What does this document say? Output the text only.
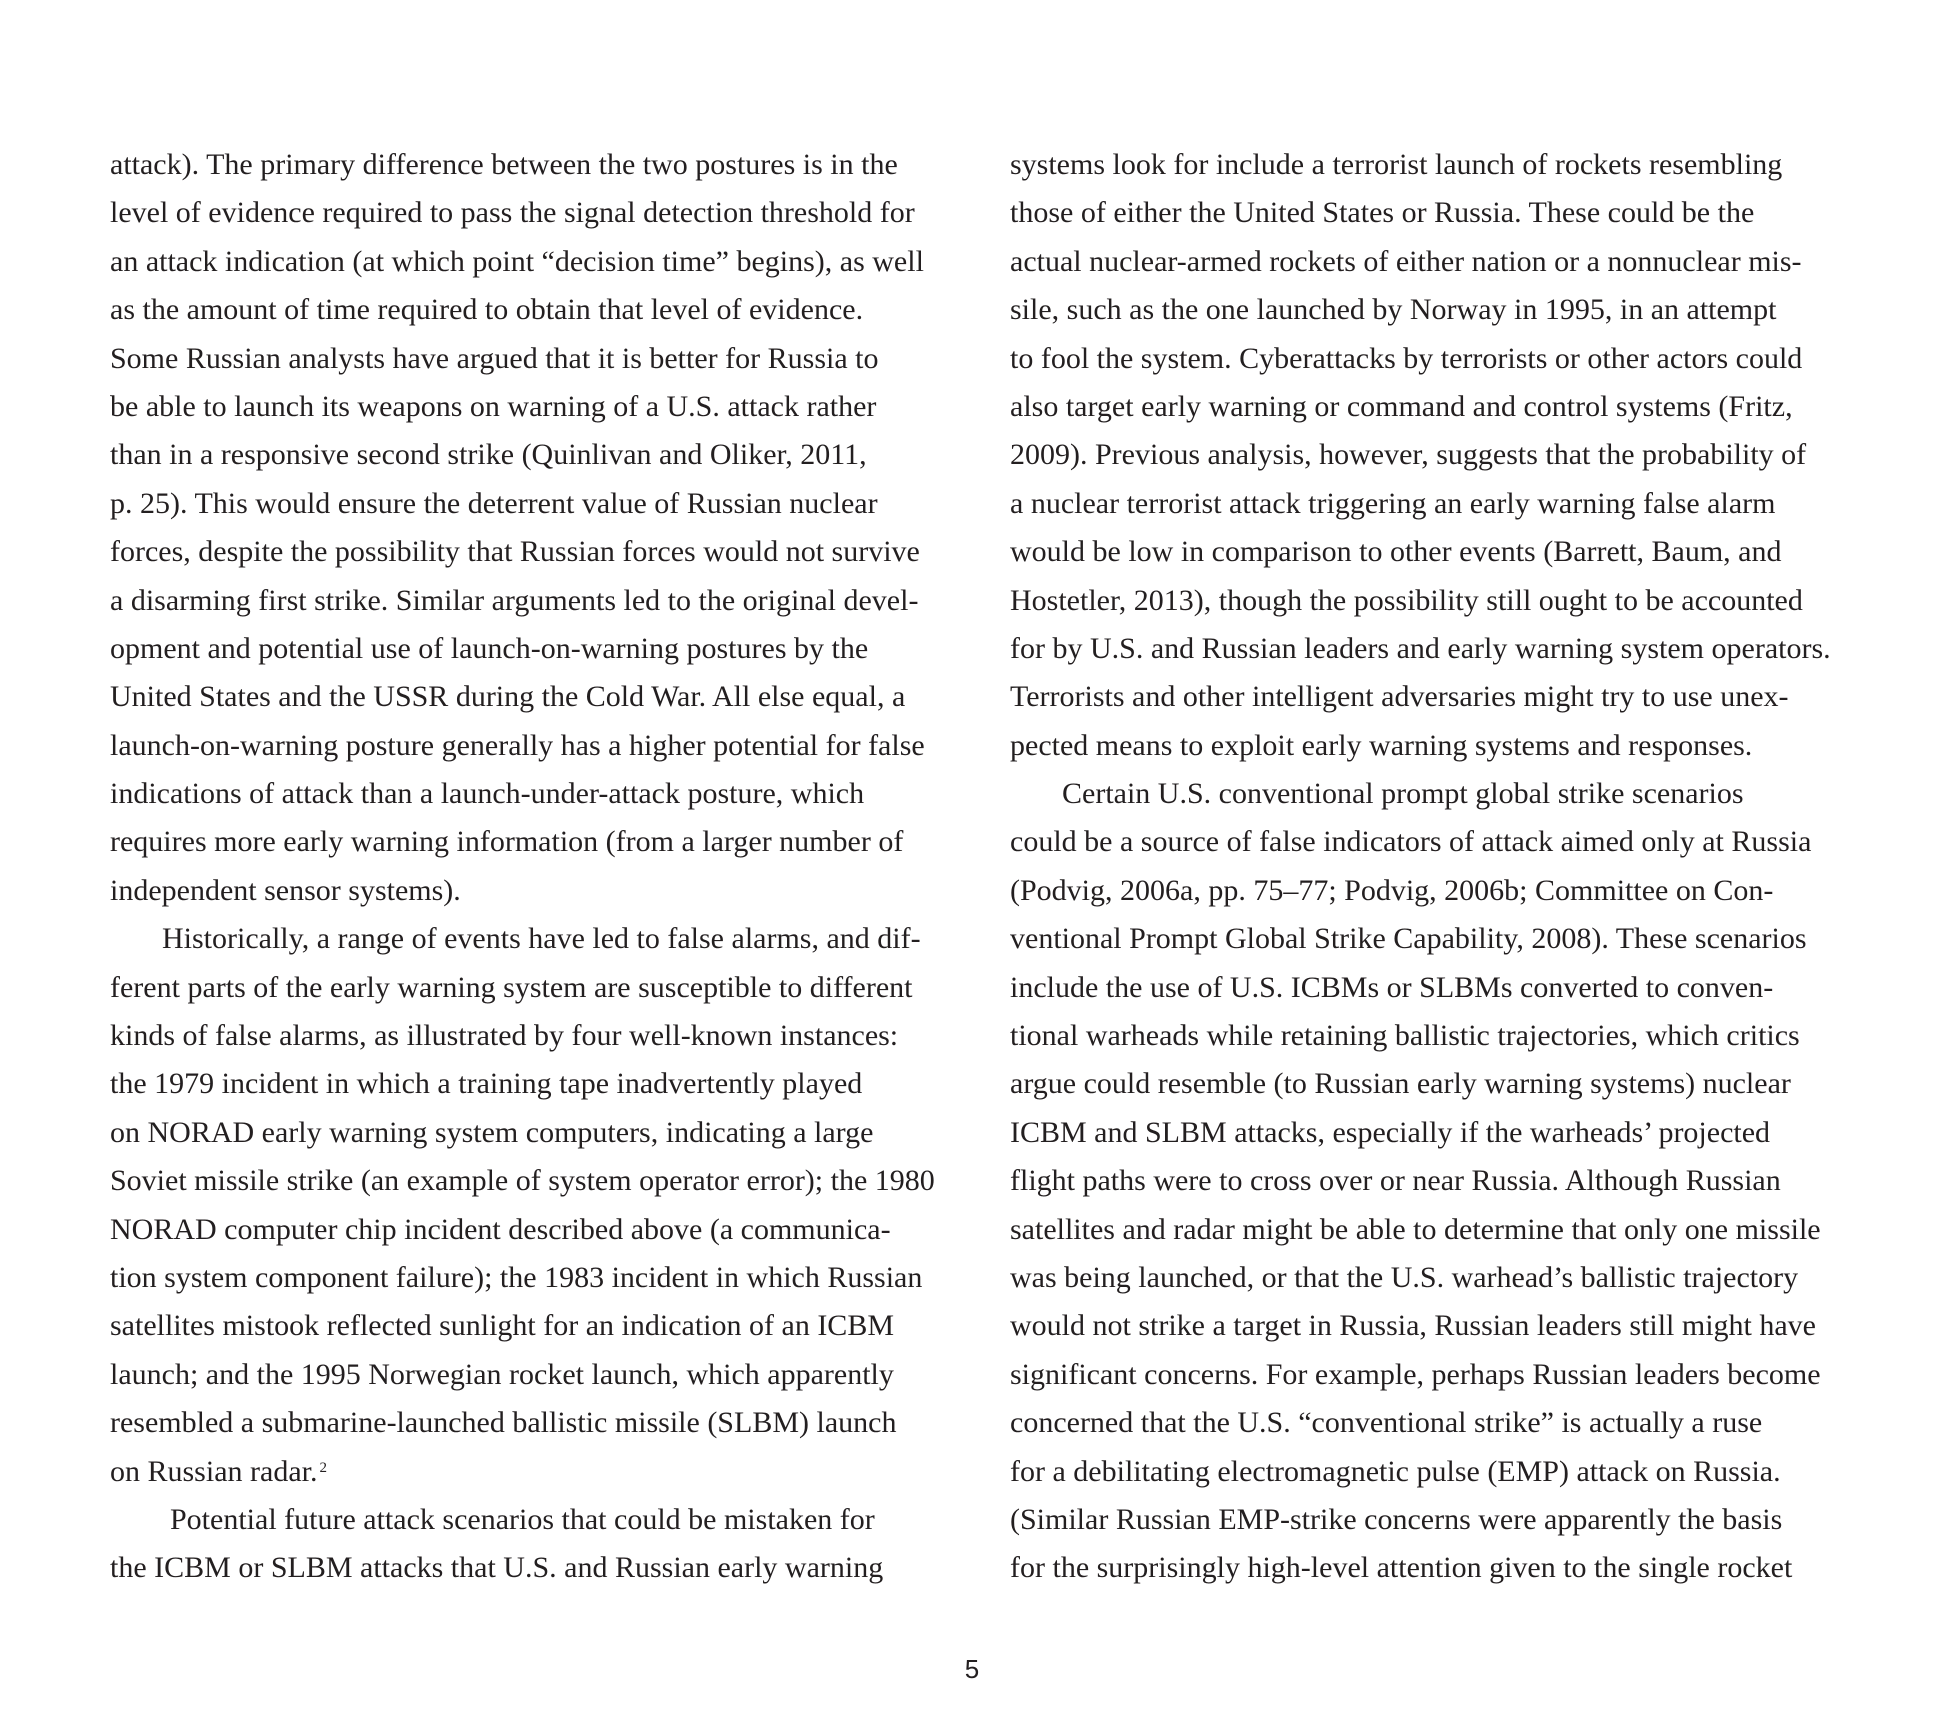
attack). The primary difference between the two postures is in the
level of evidence required to pass the signal detection threshold for
an attack indication (at which point “decision time” begins), as well
as the amount of time required to obtain that level of evidence.
Some Russian analysts have argued that it is better for Russia to
be able to launch its weapons on warning of a U.S. attack rather
than in a responsive second strike (Quinlivan and Oliker, 2011,
p. 25). This would ensure the deterrent value of Russian nuclear
forces, despite the possibility that Russian forces would not survive
a disarming first strike. Similar arguments led to the original devel-
opment and potential use of launch-on-warning postures by the
United States and the USSR during the Cold War. All else equal, a
launch-on-warning posture generally has a higher potential for false
indications of attack than a launch-under-attack posture, which
requires more early warning information (from a larger number of
independent sensor systems).
Historically, a range of events have led to false alarms, and dif-
ferent parts of the early warning system are susceptible to different
kinds of false alarms, as illustrated by four well-known instances:
the 1979 incident in which a training tape inadvertently played
on NORAD early warning system computers, indicating a large
Soviet missile strike (an example of system operator error); the 1980
NORAD computer chip incident described above (a communica-
tion system component failure); the 1983 incident in which Russian
satellites mistook reflected sunlight for an indication of an ICBM
launch; and the 1995 Norwegian rocket launch, which apparently
resembled a submarine-launched ballistic missile (SLBM) launch
on Russian radar. $^2$
Potential future attack scenarios that could be mistaken for
the ICBM or SLBM attacks that U.S. and Russian early warning
systems look for include a terrorist launch of rockets resembling
those of either the United States or Russia. These could be the
actual nuclear-armed rockets of either nation or a nonnuclear mis-
sile, such as the one launched by Norway in 1995, in an attempt
to fool the system. Cyberattacks by terrorists or other actors could
also target early warning or command and control systems (Fritz,
2009). Previous analysis, however, suggests that the probability of
a nuclear terrorist attack triggering an early warning false alarm
would be low in comparison to other events (Barrett, Baum, and
Hostetler, 2013), though the possibility still ought to be accounted
for by U.S. and Russian leaders and early warning system operators.
Terrorists and other intelligent adversaries might try to use unex-
pected means to exploit early warning systems and responses.
Certain U.S. conventional prompt global strike scenarios
could be a source of false indicators of attack aimed only at Russia
(Podvig, 2006a, pp. 75–77; Podvig, 2006b; Committee on Con-
ventional Prompt Global Strike Capability, 2008). These scenarios
include the use of U.S. ICBMs or SLBMs converted to conven-
tional warheads while retaining ballistic trajectories, which critics
argue could resemble (to Russian early warning systems) nuclear
ICBM and SLBM attacks, especially if the warheads’ projected
flight paths were to cross over or near Russia. Although Russian
satellites and radar might be able to determine that only one missile
was being launched, or that the U.S. warhead’s ballistic trajectory
would not strike a target in Russia, Russian leaders still might have
significant concerns. For example, perhaps Russian leaders become
concerned that the U.S. “conventional strike” is actually a ruse
for a debilitating electromagnetic pulse (EMP) attack on Russia.
(Similar Russian EMP-strike concerns were apparently the basis
for the surprisingly high-level attention given to the single rocket
5
